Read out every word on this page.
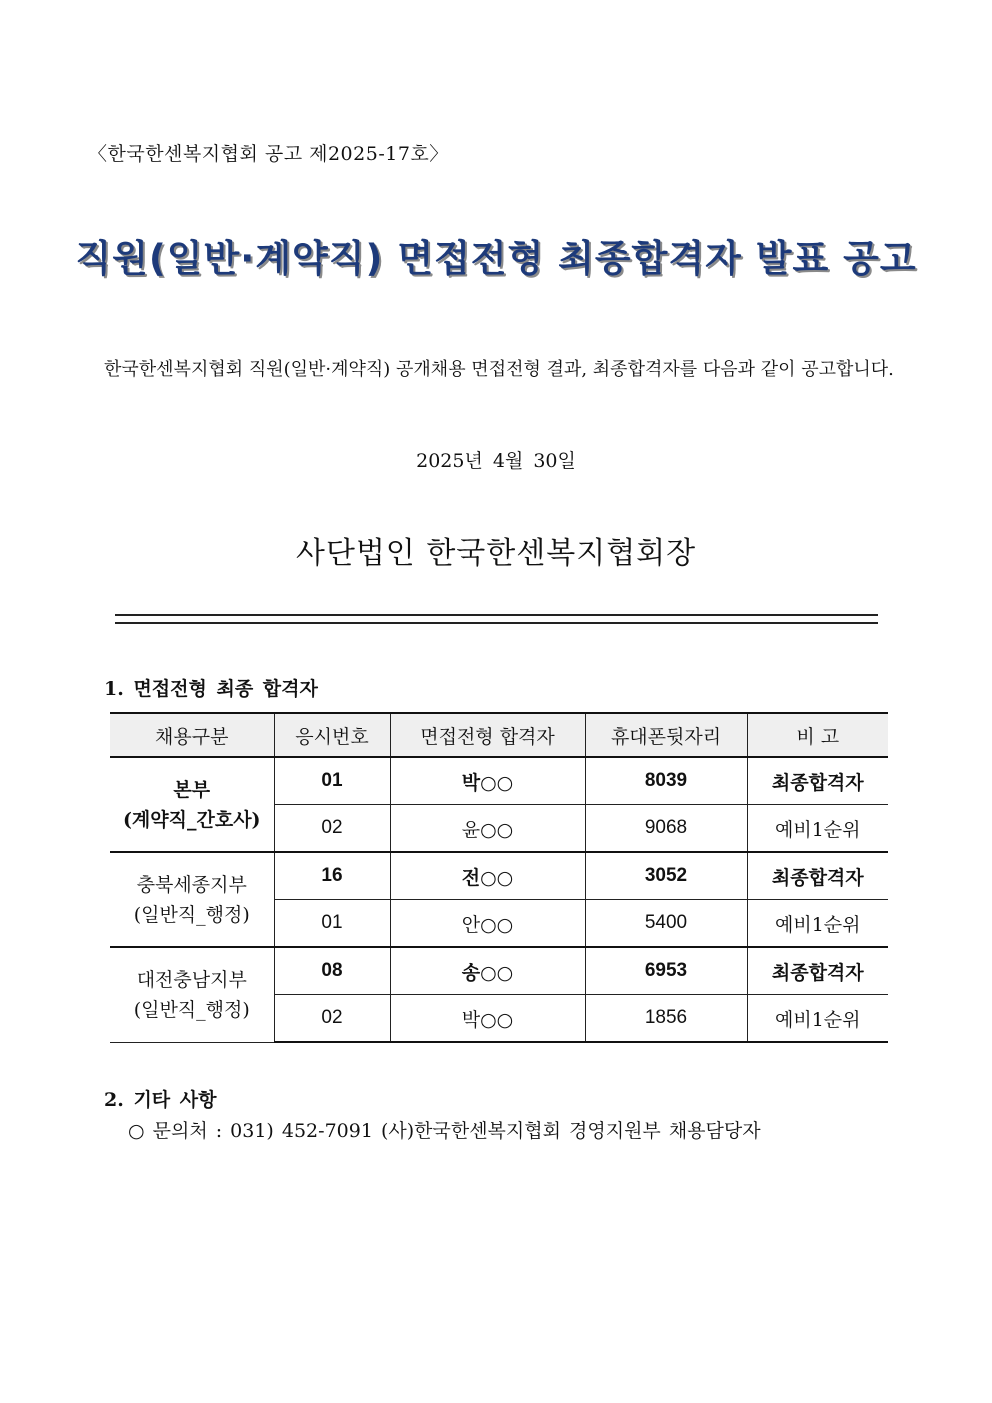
〈한국한센복지협회 공고 제2025-17호〉
직원(일반·계약직) 면접전형 최종합격자 발표 공고
한국한센복지협회 직원(일반·계약직) 공개채용 면접전형 결과, 최종합격자를 다음과 같이 공고합니다.
2025년 4월 30일
사단법인 한국한센복지협회장
1. 면접전형 최종 합격자
채용구분	응시번호	면접전형 합격자	휴대폰뒷자리	비 고
본부
(계약직_간호사)	01	박○○	8039	최종합격자
	02	윤○○	9068	예비1순위
충북세종지부
(일반직_행정)	16	전○○	3052	최종합격자
	01	안○○	5400	예비1순위
대전충남지부
(일반직_행정)	08	송○○	6953	최종합격자
	02	박○○	1856	예비1순위
2. 기타 사항
○ 문의처 : 031) 452-7091 (사)한국한센복지협회 경영지원부 채용담당자
